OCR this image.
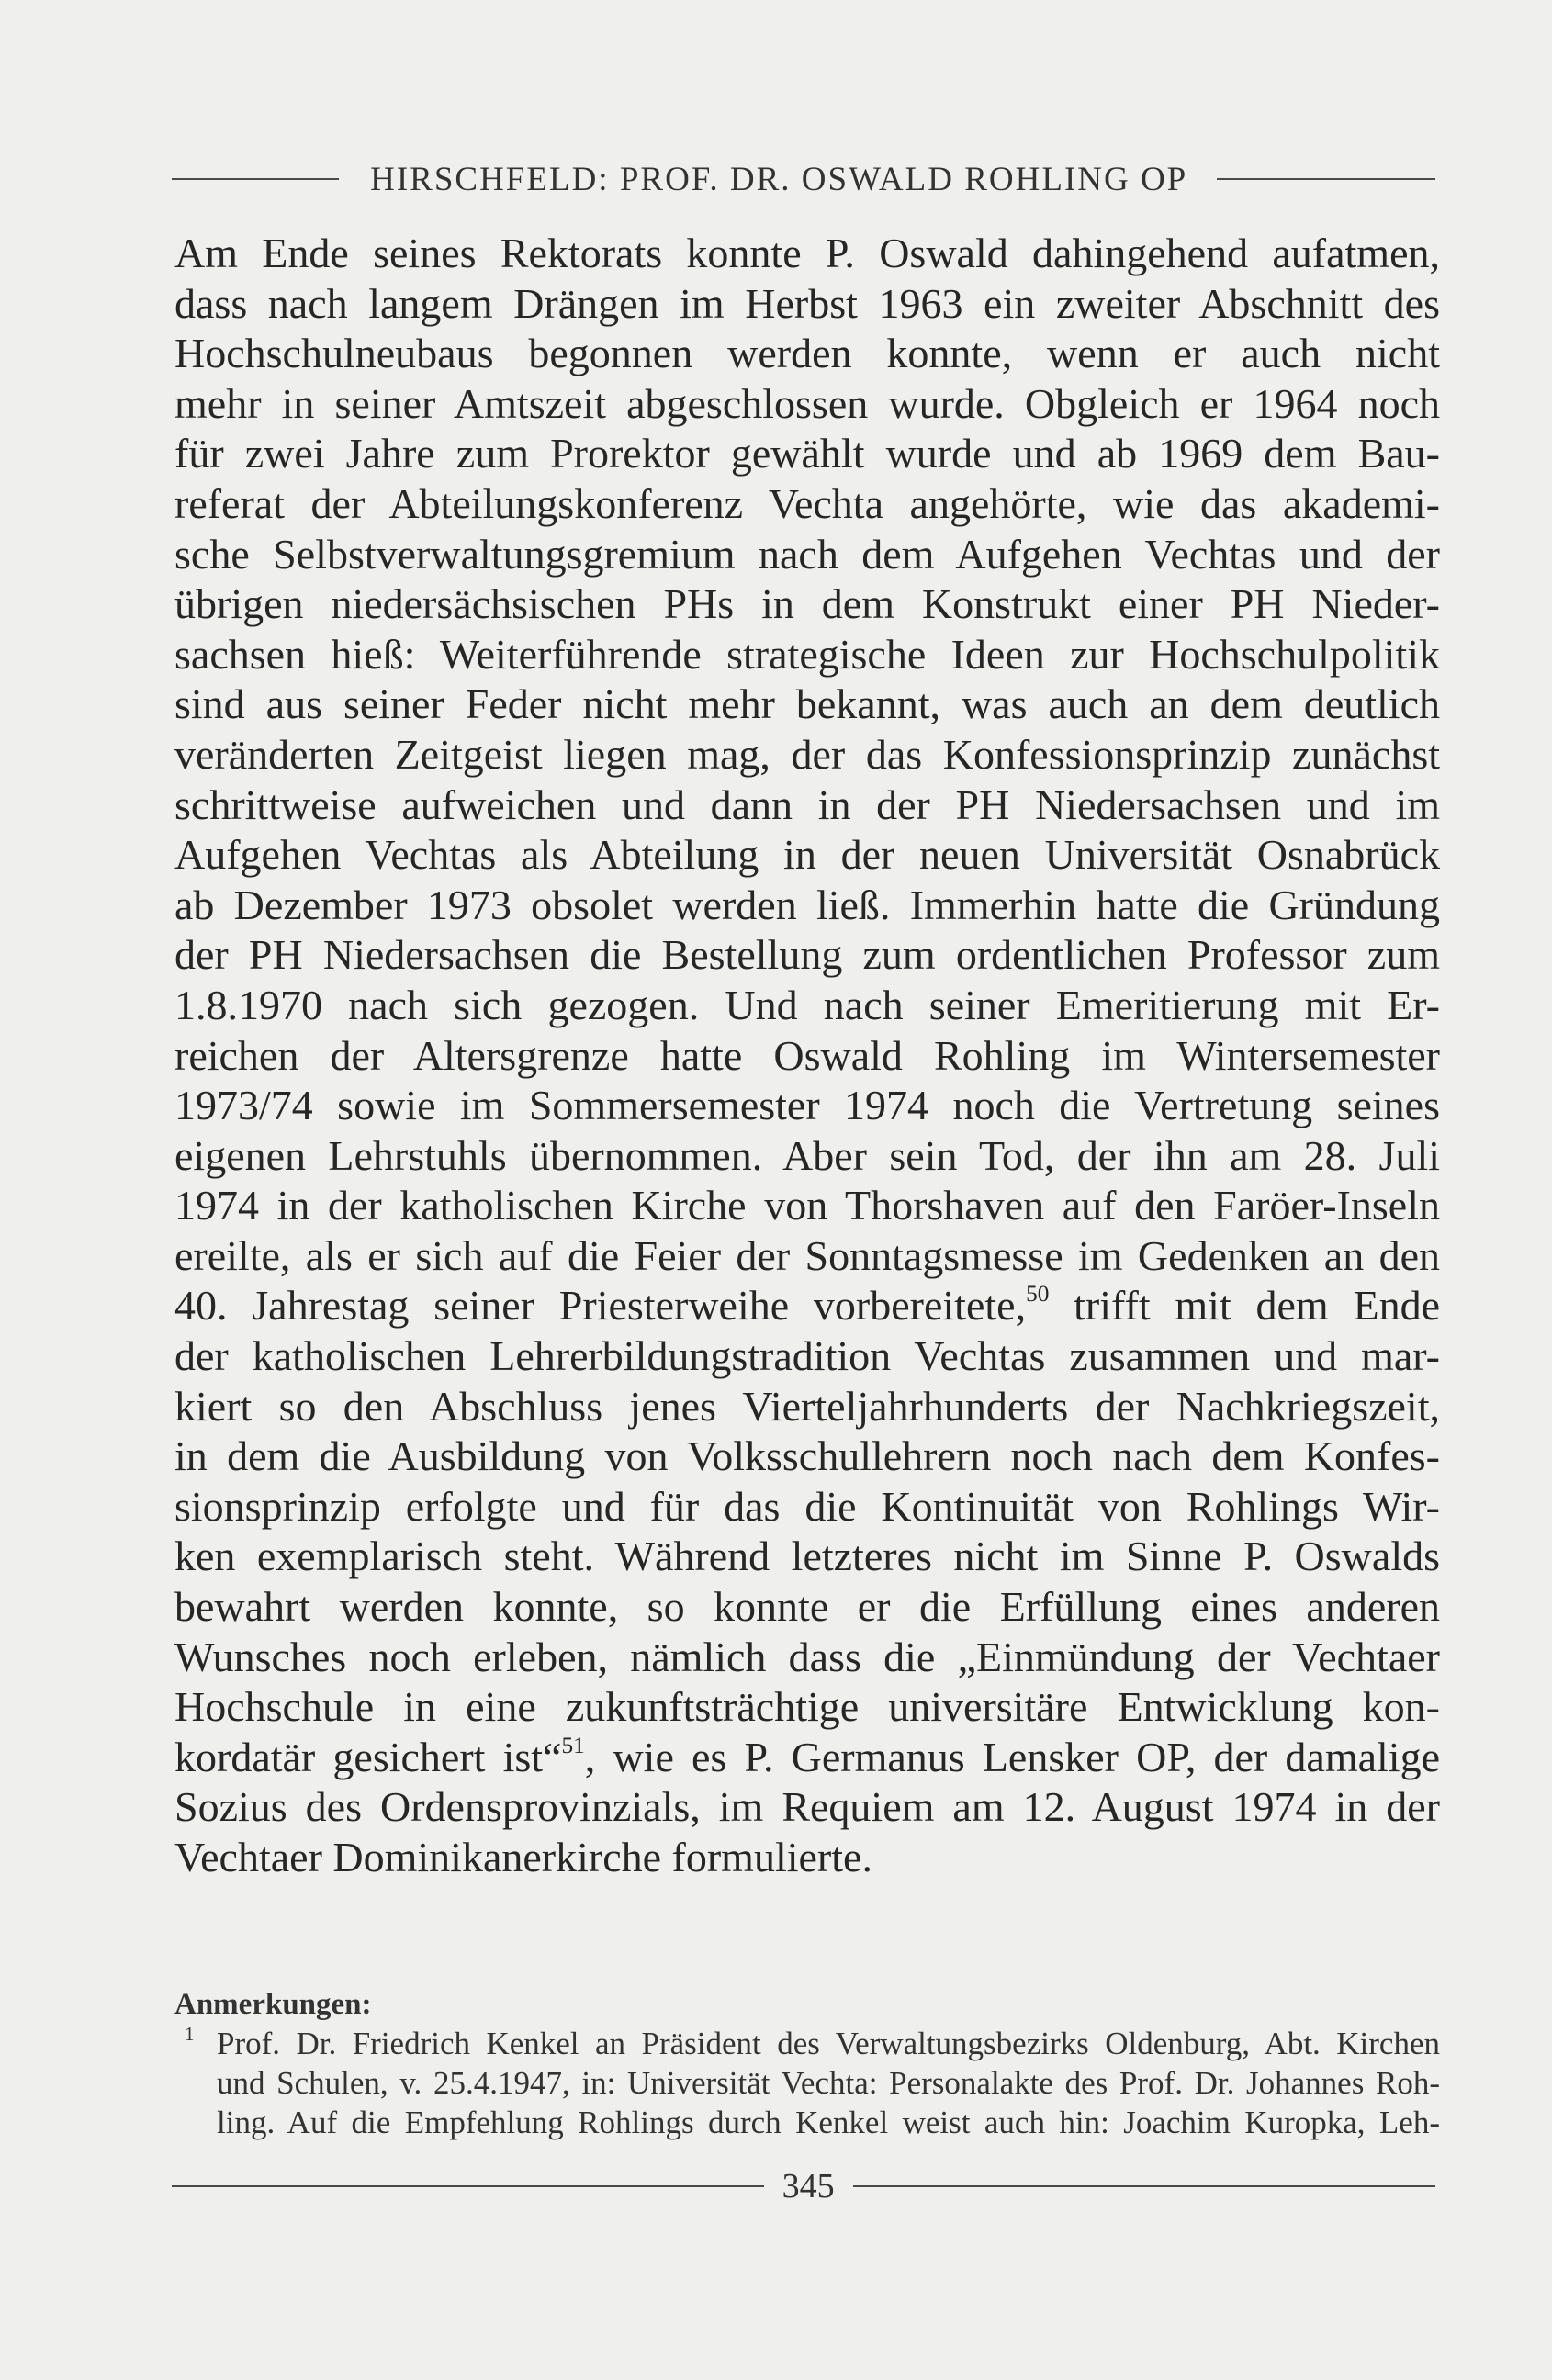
HIRSCHFELD: PROF. DR. OSWALD ROHLING OP
Am Ende seines Rektorats konnte P. Oswald dahingehend aufatmen,
dass nach langem Drängen im Herbst 1963 ein zweiter Abschnitt des
Hochschulneubaus begonnen werden konnte, wenn er auch nicht
mehr in seiner Amtszeit abgeschlossen wurde. Obgleich er 1964 noch
für zwei Jahre zum Prorektor gewählt wurde und ab 1969 dem Bau-
referat der Abteilungskonferenz Vechta angehörte, wie das akademi-
sche Selbstverwaltungsgremium nach dem Aufgehen Vechtas und der
übrigen niedersächsischen PHs in dem Konstrukt einer PH Nieder-
sachsen hieß: Weiterführende strategische Ideen zur Hochschulpolitik
sind aus seiner Feder nicht mehr bekannt, was auch an dem deutlich
veränderten Zeitgeist liegen mag, der das Konfessionsprinzip zunächst
schrittweise aufweichen und dann in der PH Niedersachsen und im
Aufgehen Vechtas als Abteilung in der neuen Universität Osnabrück
ab Dezember 1973 obsolet werden ließ. Immerhin hatte die Gründung
der PH Niedersachsen die Bestellung zum ordentlichen Professor zum
1.8.1970 nach sich gezogen. Und nach seiner Emeritierung mit Er-
reichen der Altersgrenze hatte Oswald Rohling im Wintersemester
1973/74 sowie im Sommersemester 1974 noch die Vertretung seines
eigenen Lehrstuhls übernommen. Aber sein Tod, der ihn am 28. Juli
1974 in der katholischen Kirche von Thorshaven auf den Faröer-Inseln
ereilte, als er sich auf die Feier der Sonntagsmesse im Gedenken an den
40. Jahrestag seiner Priesterweihe vorbereitete,$^{50}$ trifft mit dem Ende
der katholischen Lehrerbildungstradition Vechtas zusammen und mar-
kiert so den Abschluss jenes Vierteljahrhunderts der Nachkriegszeit,
in dem die Ausbildung von Volksschullehrern noch nach dem Konfes-
sionsprinzip erfolgte und für das die Kontinuität von Rohlings Wir-
ken exemplarisch steht. Während letzteres nicht im Sinne P. Oswalds
bewahrt werden konnte, so konnte er die Erfüllung eines anderen
Wunsches noch erleben, nämlich dass die „Einmündung der Vechtaer
Hochschule in eine zukunftsträchtige universitäre Entwicklung kon-
kordatär gesichert ist“$^{51}$, wie es P. Germanus Lensker OP, der damalige
Sozius des Ordensprovinzials, im Requiem am 12. August 1974 in der
Vechtaer Dominikanerkirche formulierte.
Anmerkungen:
1 Prof. Dr. Friedrich Kenkel an Präsident des Verwaltungsbezirks Oldenburg, Abt. Kirchen
und Schulen, v. 25.4.1947, in: Universität Vechta: Personalakte des Prof. Dr. Johannes Roh-
ling. Auf die Empfehlung Rohlings durch Kenkel weist auch hin: Joachim Kuropka, Leh-
345
